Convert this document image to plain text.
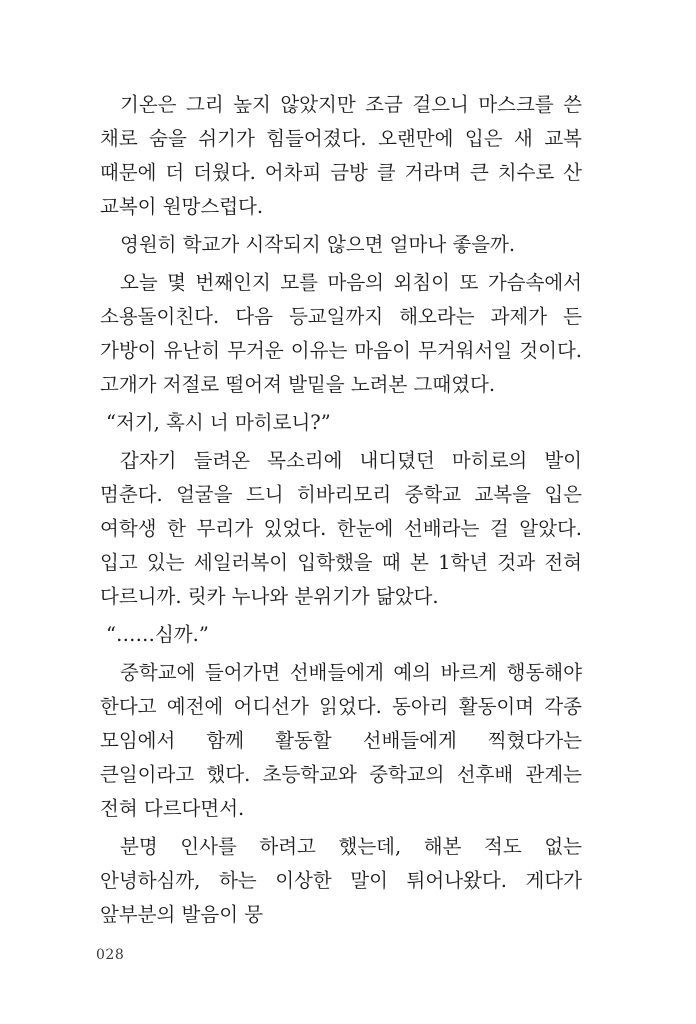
기온은 그리 높지 않았지만 조금 걸으니 마스크를 쓴 채로 숨을 쉬기가 힘들어졌다. 오랜만에 입은 새 교복 때문에 더 더웠다. 어차피 금방 클 거라며 큰 치수로 산 교복이 원망스럽다.

영원히 학교가 시작되지 않으면 얼마나 좋을까.

오늘 몇 번째인지 모를 마음의 외침이 또 가슴속에서 소용돌이친다. 다음 등교일까지 해오라는 과제가 든 가방이 유난히 무거운 이유는 마음이 무거워서일 것이다. 고개가 저절로 떨어져 발밑을 노려본 그때였다.

“저기, 혹시 너 마히로니?”

갑자기 들려온 목소리에 내디뎠던 마히로의 발이 멈춘다. 얼굴을 드니 히바리모리 중학교 교복을 입은 여학생 한 무리가 있었다. 한눈에 선배라는 걸 알았다. 입고 있는 세일러복이 입학했을 때 본 1학년 것과 전혀 다르니까. 릿카 누나와 분위기가 닮았다.

“……심까.”

중학교에 들어가면 선배들에게 예의 바르게 행동해야 한다고 예전에 어디선가 읽었다. 동아리 활동이며 각종 모임에서 함께 활동할 선배들에게 찍혔다가는 큰일이라고 했다. 초등학교와 중학교의 선후배 관계는 전혀 다르다면서.

분명 인사를 하려고 했는데, 해본 적도 없는 안녕하심까, 하는 이상한 말이 튀어나왔다. 게다가 앞부분의 발음이 뭉

028
